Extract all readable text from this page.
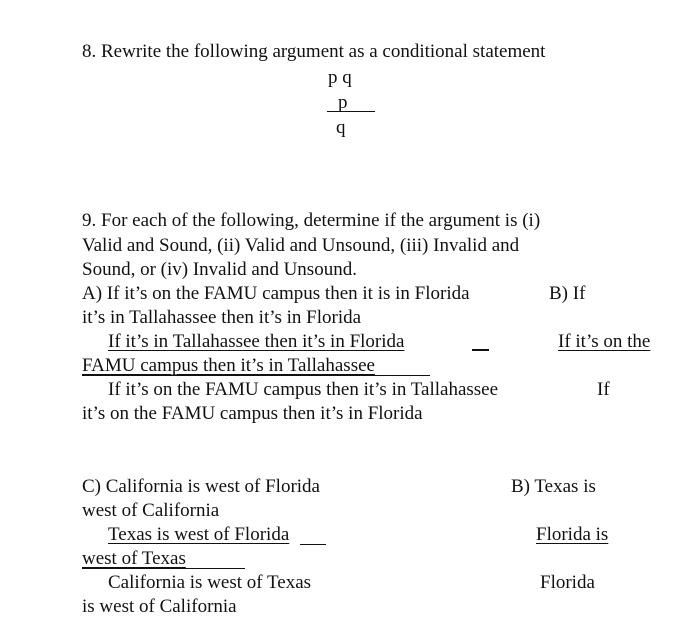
8. Rewrite the following argument as a conditional statement
p q
p
q
9. For each of the following, determine if the argument is (i)
Valid and Sound, (ii) Valid and Unsound, (iii) Invalid and
Sound, or (iv) Invalid and Unsound.
A) If it’s on the FAMU campus then it is in Florida	B) If
it’s in Tallahassee then it’s in Florida
If it’s in Tallahassee then it’s in Florida	If it’s on the
FAMU campus then it’s in Tallahassee
If it’s on the FAMU campus then it’s in Tallahassee	If
it’s on the FAMU campus then it’s in Florida
C) California is west of Florida	B) Texas is
west of California
Texas is west of Florida	Florida is
west of Texas
California is west of Texas	Florida
is west of California
